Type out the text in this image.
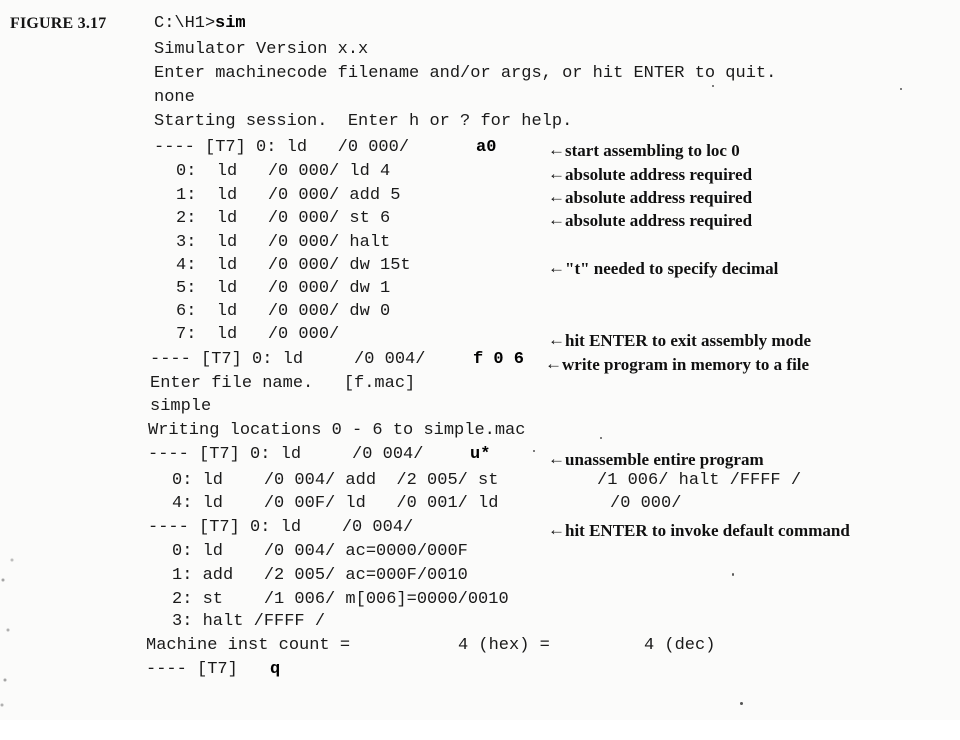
FIGURE 3.17

	C:\H1>

sim

Simulator Version x.x
Enter machinecode filename and/or args, or hit ENTER to quit.
none
Starting session.  Enter h or ? for help.

---- [T7] 0: ld   /0 000/

	a0

0:  ld   /0 000/ ld 4
1:  ld   /0 000/ add 5
2:  ld   /0 000/ st 6
3:  ld   /0 000/ halt
4:  ld   /0 000/ dw 15t
5:  ld   /0 000/ dw 1
6:  ld   /0 000/ dw 0
7:  ld   /0 000/

---- [T7] 0: ld     /0 004/

	f 0 6

Enter file name.   [f.mac]
simple
Writing locations 0 - 6 to simple.mac

---- [T7] 0: ld     /0 004/

	u*

0: ld    /0 004/ add  /2 005/ st

	/1 006/ halt /FFFF /

4: ld    /0 00F/ ld   /0 001/ ld

	/0 000/

---- [T7] 0: ld    /0 004/
0: ld    /0 004/ ac=0000/000F
1: add   /2 005/ ac=000F/0010
2: st    /1 006/ m[006]=0000/0010
3: halt /FFFF /

Machine inst count =

	4 (hex) =

	4 (dec)

---- [T7]

q

←start assembling to loc 0
←absolute address required
←absolute address required
←absolute address required
←"t" needed to specify decimal
←hit ENTER to exit assembly mode
←write program in memory to a file
←unassemble entire program
←hit ENTER to invoke default command
